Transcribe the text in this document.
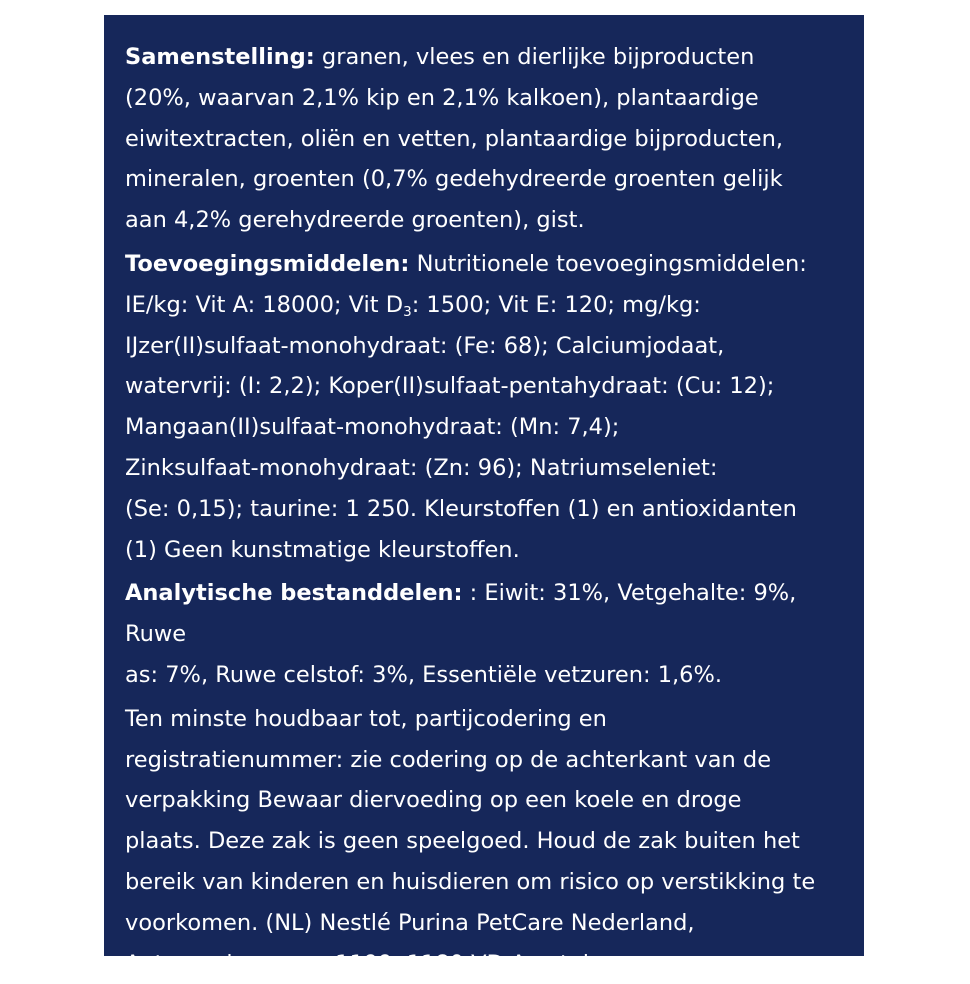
Samenstelling: granen, vlees en dierlijke bijproducten
(20%, waarvan 2,1% kip en 2,1% kalkoen), plantaardige
eiwitextracten, oliën en vetten, plantaardige bijproducten,
mineralen, groenten (0,7% gedehydreerde groenten gelijk
aan 4,2% gerehydreerde groenten), gist.

Toevoegingsmiddelen: Nutritionele toevoegingsmiddelen:
IE/kg: Vit A: 18000; Vit $D_3$: 1500; Vit E: 120; mg/kg:
IJzer(II)sulfaat-monohydraat: (Fe: 68); Calciumjodaat,
watervrij: (I: 2,2); Koper(II)sulfaat-pentahydraat: (Cu: 12);
Mangaan(II)sulfaat-monohydraat: (Mn: 7,4);
Zinksulfaat-monohydraat: (Zn: 96); Natriumseleniet:
(Se: 0,15); taurine: 1 250. Kleurstoffen (1) en antioxidanten
(1) Geen kunstmatige kleurstoffen.

Analytische bestanddelen: : Eiwit: 31%, Vetgehalte: 9%, Ruwe
as: 7%, Ruwe celstof: 3%, Essentiële vetzuren: 1,6%.

Ten minste houdbaar tot, partijcodering en
registratienummer: zie codering op de achterkant van de
verpakking Bewaar diervoeding op een koele en droge
plaats. Deze zak is geen speelgoed. Houd de zak buiten het
bereik van kinderen en huisdieren om risico op verstikking te
voorkomen. (NL) Nestlé Purina PetCare Nederland,
Antwoordnummer 1199, 1180 VD Amstelveen
